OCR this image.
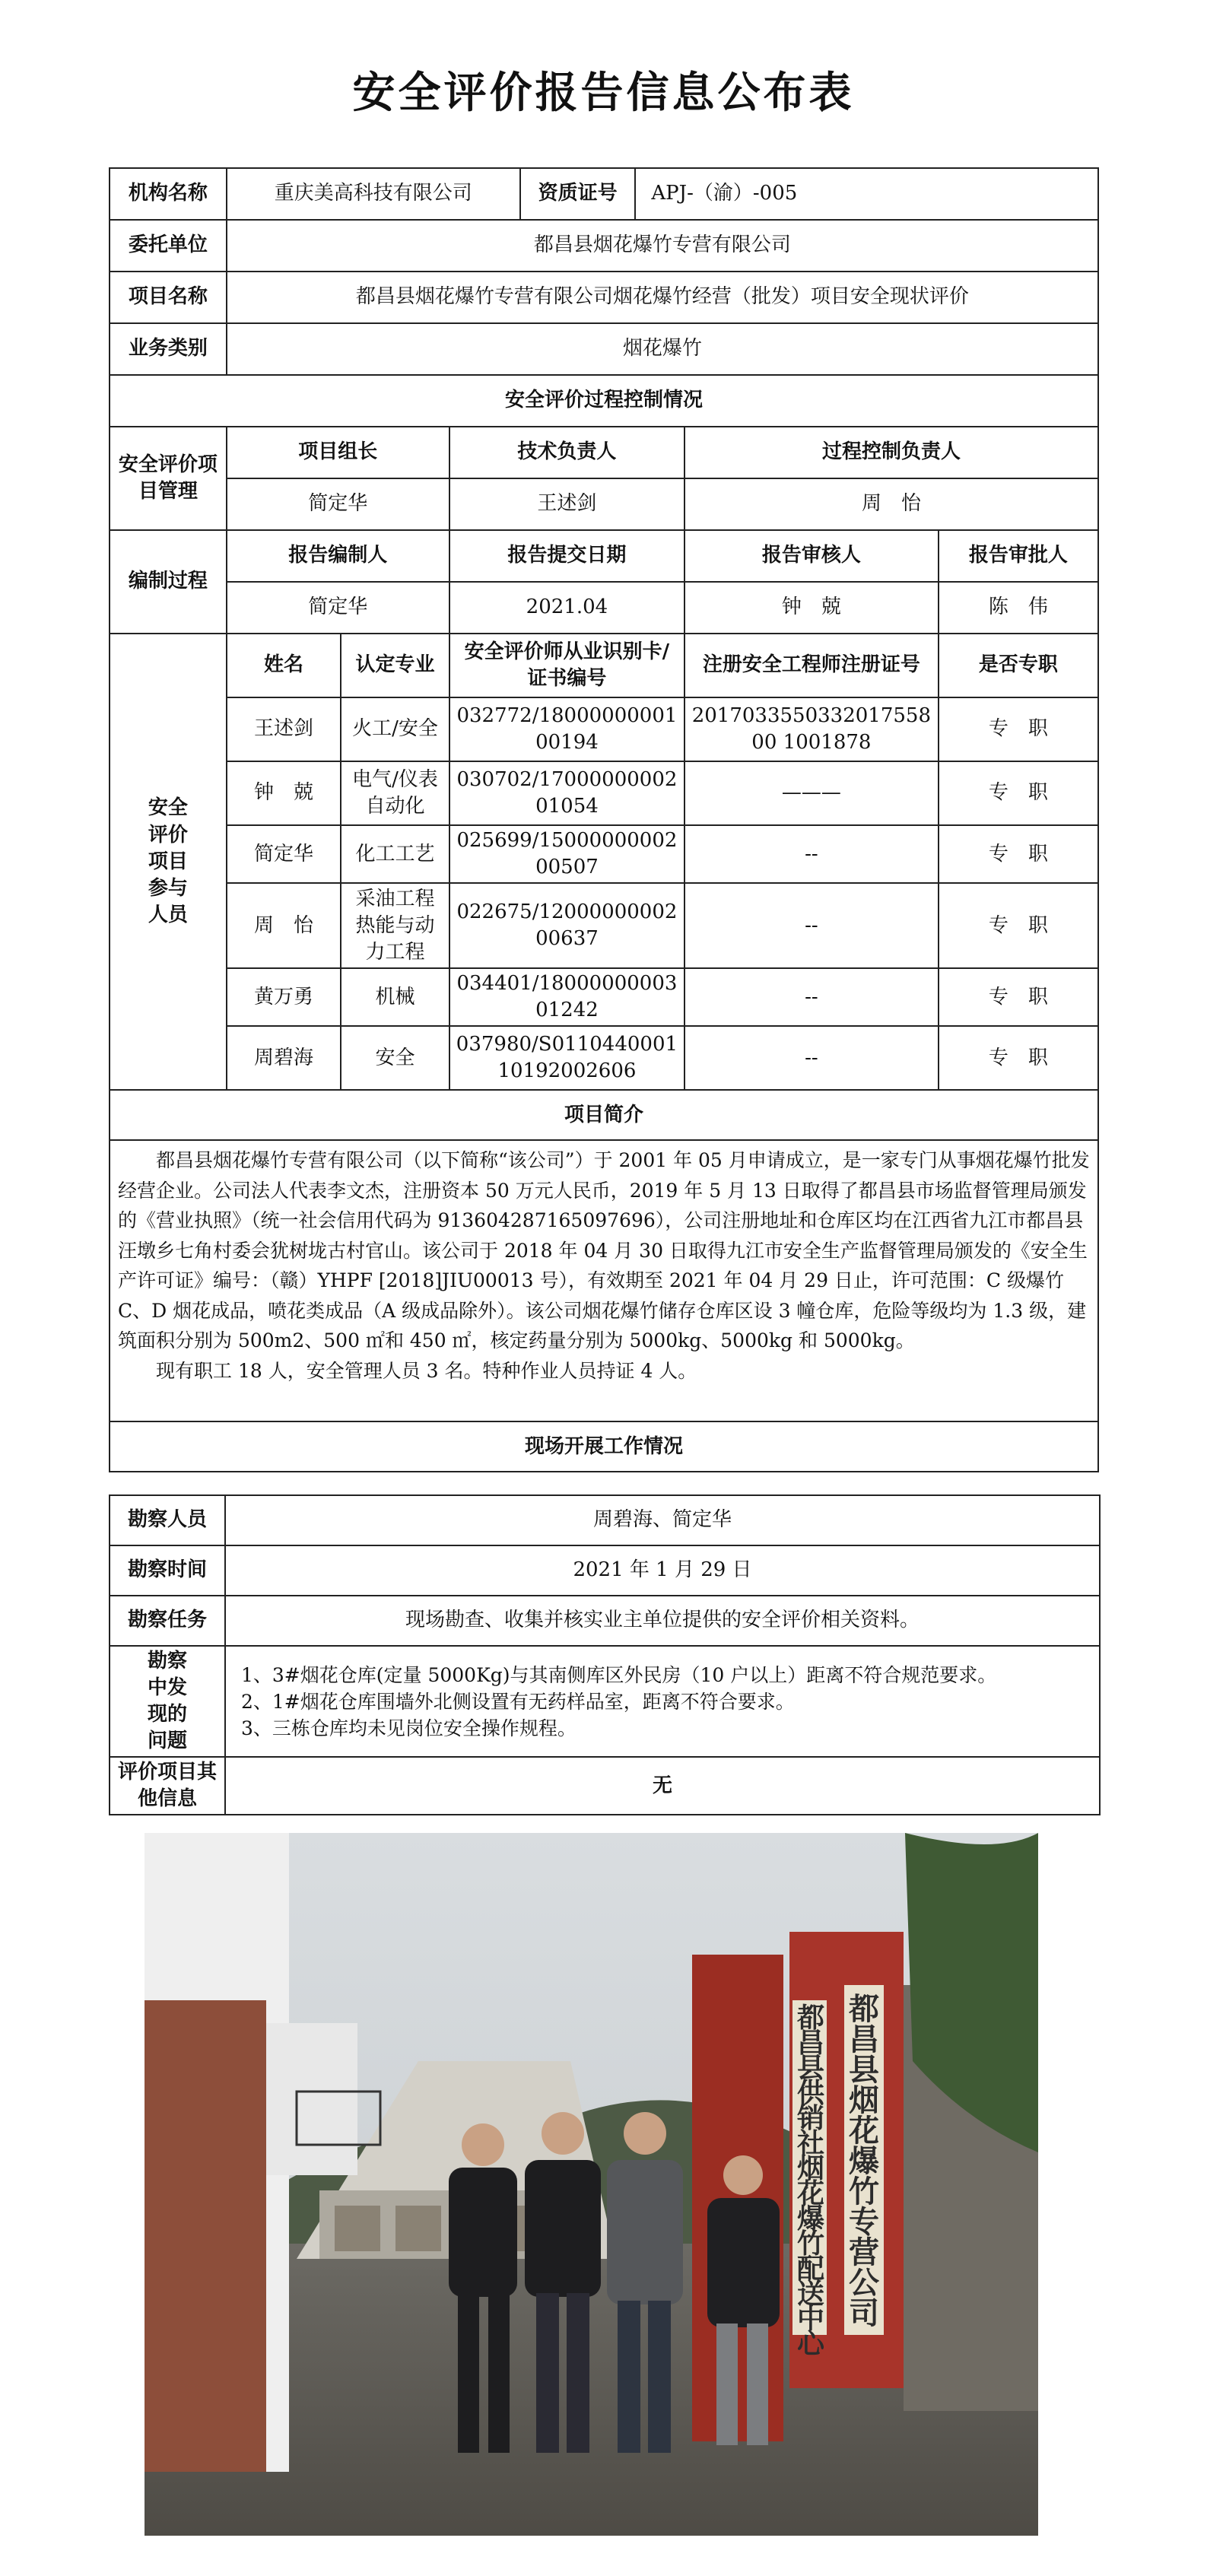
安全评价报告信息公布表
机构名称	重庆美高科技有限公司			资质证号	APJ-（渝）-005		
委托单位	都昌县烟花爆竹专营有限公司						
项目名称	都昌县烟花爆竹专营有限公司烟花爆竹经营（批发）项目安全现状评价						
业务类别	烟花爆竹						
安全评价过程控制情况							
安全评价项目管理	项目组长		技术负责人			过程控制负责人	
	简定华		王述剑			周　怡	
编制过程	报告编制人		报告提交日期			报告审核人	报告审批人
	简定华		2021.04			钟　兢	陈　伟
安全评价项目参与人员	姓名	认定专业	安全评价师从业识别卡/证书编号			注册安全工程师注册证号	是否专职
	王述剑	火工/安全	032772/1800000000100194			201703355033201755800 1001878	专　职
	钟　兢	电气/仪表自动化	030702/1700000000201054			———	专　职
	简定华	化工工艺	025699/1500000000200507			--	专　职
	周　怡	采油工程 热能与动力工程	022675/1200000000200637			--	专　职
	黄万勇	机械	034401/1800000000301242			--	专　职
	周碧海	安全	037980/S011044000110192002606			--	专　职
项目简介							

都昌县烟花爆竹专营有限公司（以下简称“该公司”）于 2001 年 05 月申请成立，是一家专门从事烟花爆竹批发经营企业。公司法人代表李文杰，注册资本 50 万元人民币，2019 年 5 月 13 日取得了都昌县市场监督管理局颁发的《营业执照》（统一社会信用代码为 913604287165097696），公司注册地址和仓库区均在江西省九江市都昌县汪墩乡七角村委会犹树垅古村官山。该公司于 2018 年 04 月 30 日取得九江市安全生产监督管理局颁发的《安全生产许可证》编号：（赣）YHPF [2018]JIU00013 号），有效期至 2021 年 04 月 29 日止，许可范围：C 级爆竹 C、D 烟花成品，喷花类成品（A 级成品除外）。该公司烟花爆竹储存仓库区设 3 幢仓库，危险等级均为 1.3 级，建筑面积分别为 500m2、500 ㎡和 450 ㎡，核定药量分别为 5000kg、5000kg 和 5000kg。

现有职工 18 人，安全管理人员 3 名。特种作业人员持证 4 人。							

现场开展工作情况							
勘察人员	周碧海、简定华
勘察时间	2021 年 1 月 29 日
勘察任务	现场勘查、收集并核实业主单位提供的安全评价相关资料。
勘察中发现的问题	1、3#烟花仓库(定量 5000Kg)与其南侧库区外民房（10 户以上）距离不符合规范要求。
2、1#烟花仓库围墙外北侧设置有无药样品室，距离不符合要求。
3、三栋仓库均未见岗位安全操作规程。

评价项目其他信息	无
都昌县供销社烟花爆竹配送中心
都昌县烟花爆竹专营公司
